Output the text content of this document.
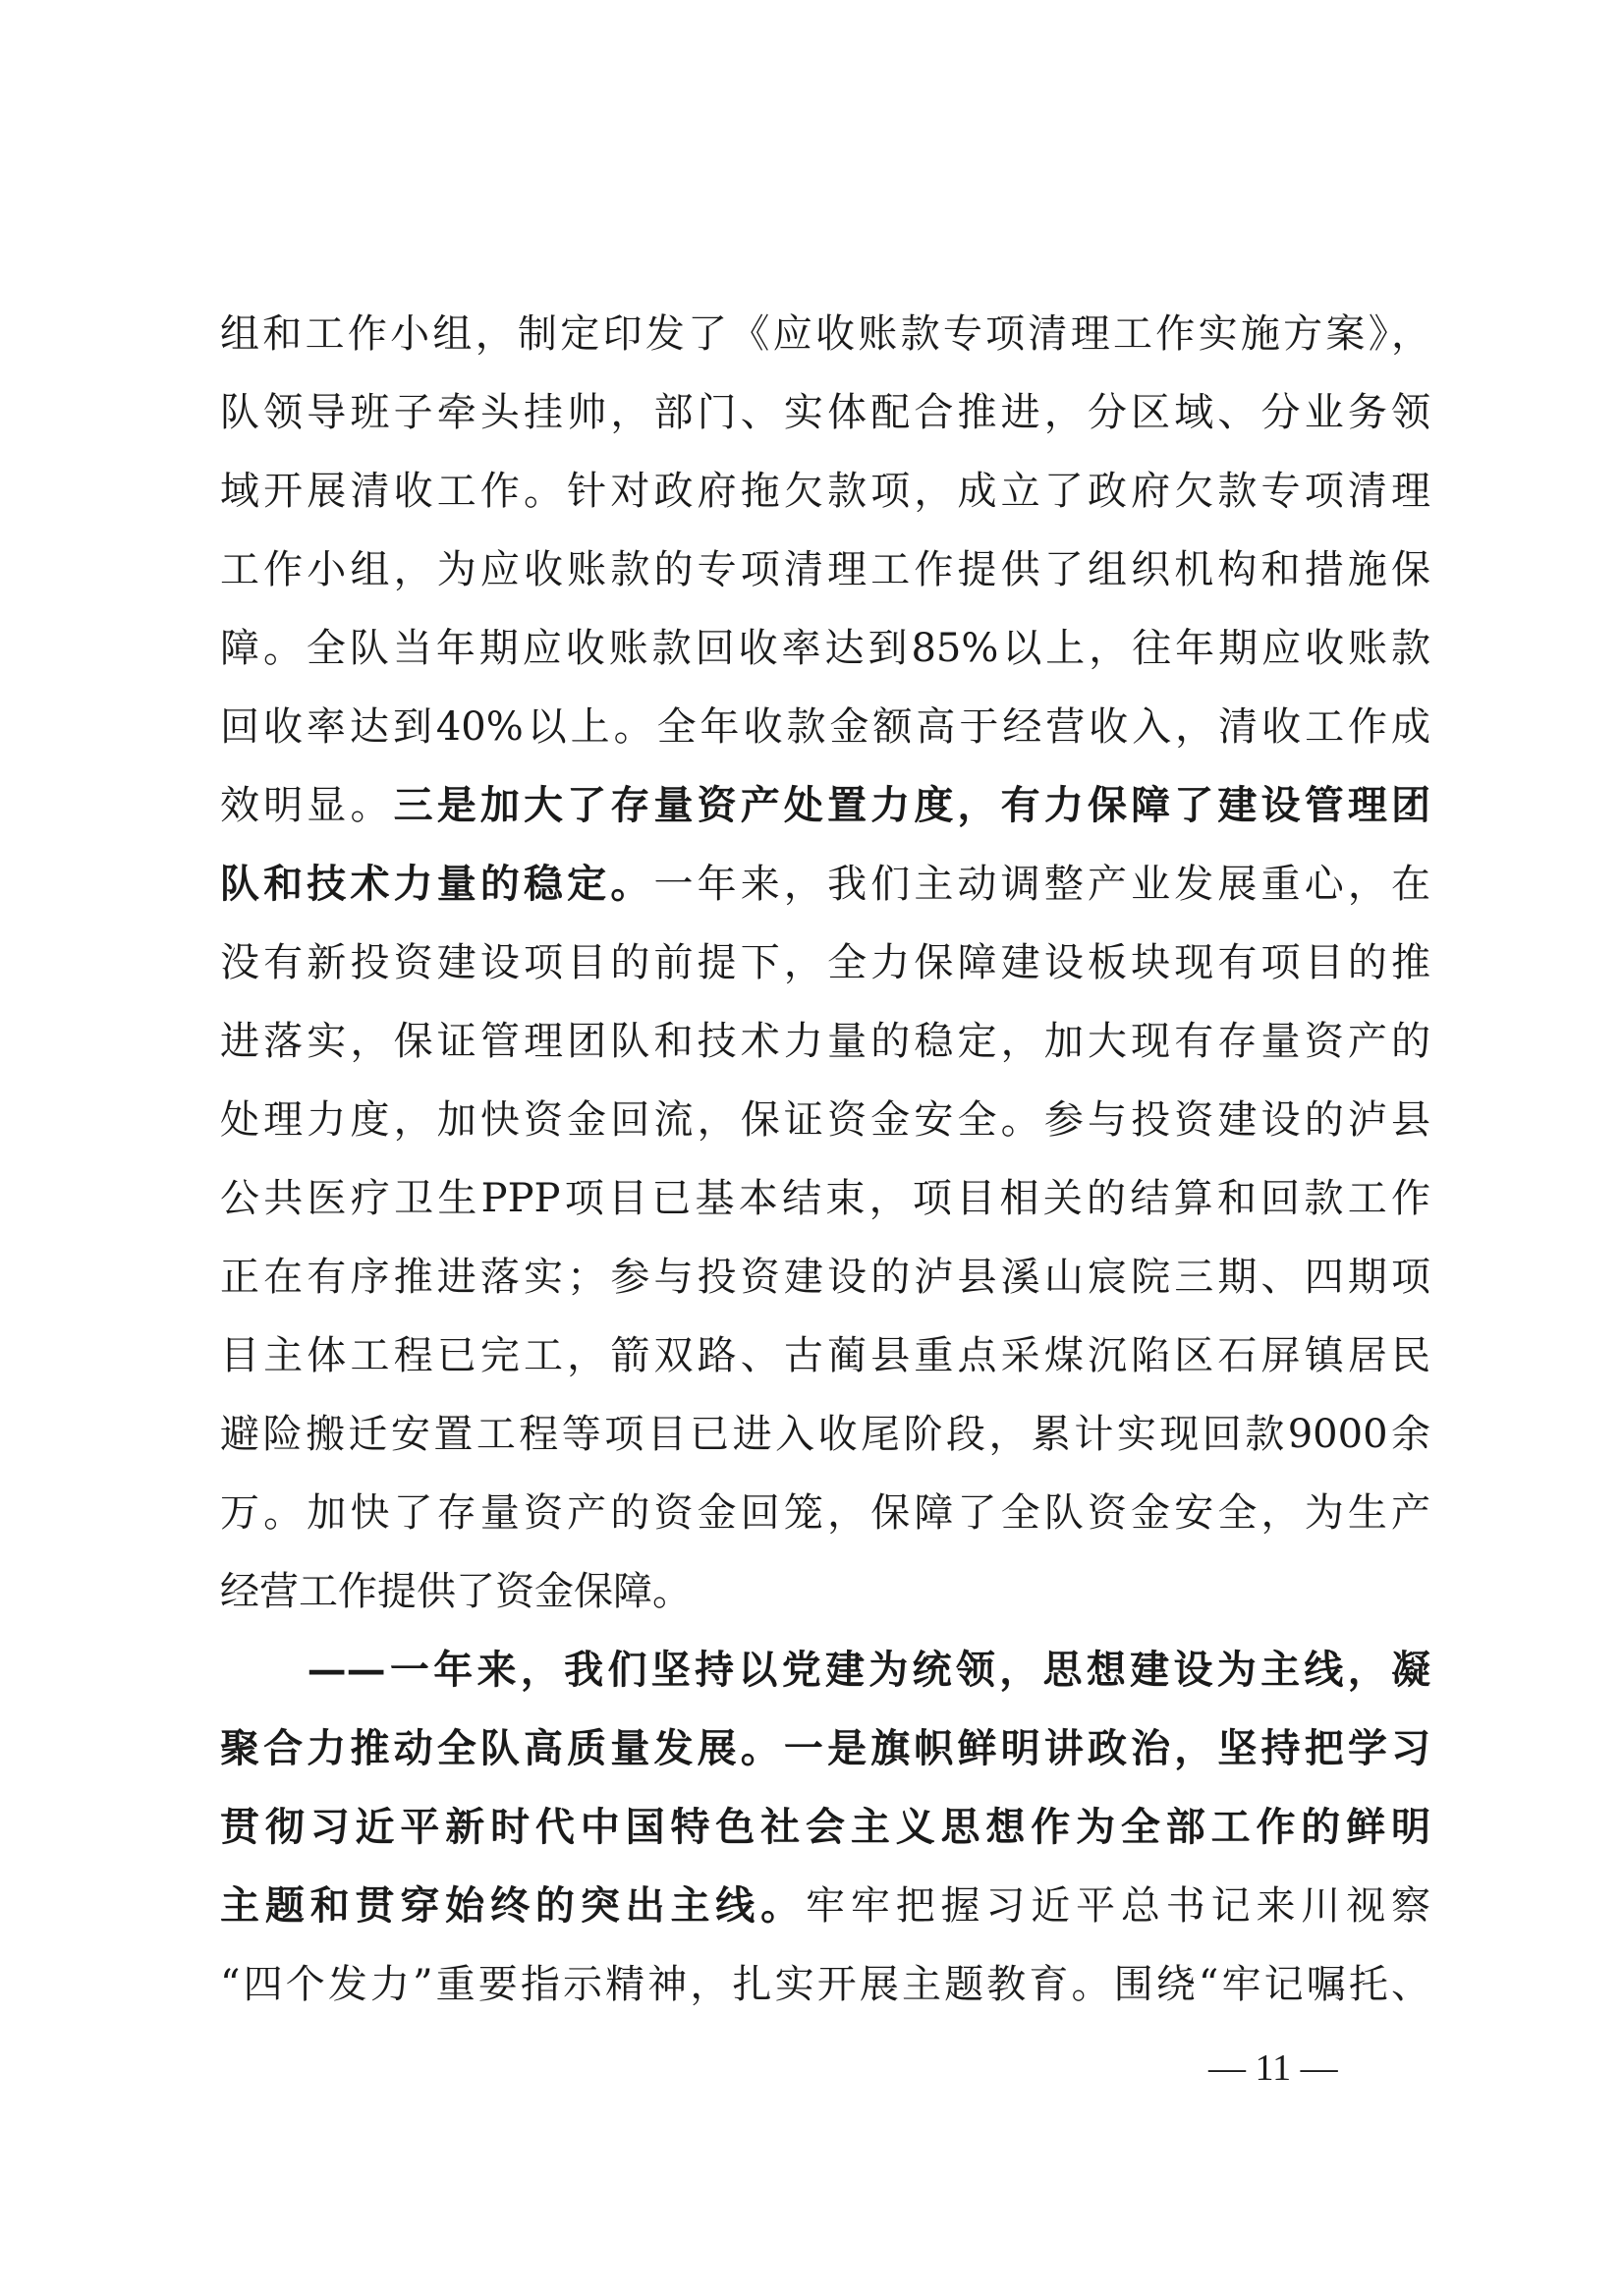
组和工作小组，制定印发了《应收账款专项清理工作实施方案》，
队领导班子牵头挂帅，部门、实体配合推进，分区域、分业务领
域开展清收工作。针对政府拖欠款项，成立了政府欠款专项清理
工作小组，为应收账款的专项清理工作提供了组织机构和措施保
障。全队当年期应收账款回收率达到85%以上，往年期应收账款
回收率达到40%以上。全年收款金额高于经营收入，清收工作成
效明显。三是加大了存量资产处置力度，有力保障了建设管理团
队和技术力量的稳定。一年来，我们主动调整产业发展重心，在
没有新投资建设项目的前提下，全力保障建设板块现有项目的推
进落实，保证管理团队和技术力量的稳定，加大现有存量资产的
处理力度，加快资金回流，保证资金安全。参与投资建设的泸县
公共医疗卫生PPP项目已基本结束，项目相关的结算和回款工作
正在有序推进落实；参与投资建设的泸县溪山宸院三期、四期项
目主体工程已完工，箭双路、古蔺县重点采煤沉陷区石屏镇居民
避险搬迁安置工程等项目已进入收尾阶段，累计实现回款9000余
万。加快了存量资产的资金回笼，保障了全队资金安全，为生产
经营工作提供了资金保障。
　　——一年来，我们坚持以党建为统领，思想建设为主线，凝
聚合力推动全队高质量发展。一是旗帜鲜明讲政治，坚持把学习
贯彻习近平新时代中国特色社会主义思想作为全部工作的鲜明
主题和贯穿始终的突出主线。牢牢把握习近平总书记来川视察
“四个发力”重要指示精神，扎实开展主题教育。围绕“牢记嘱托、
— 11 —
